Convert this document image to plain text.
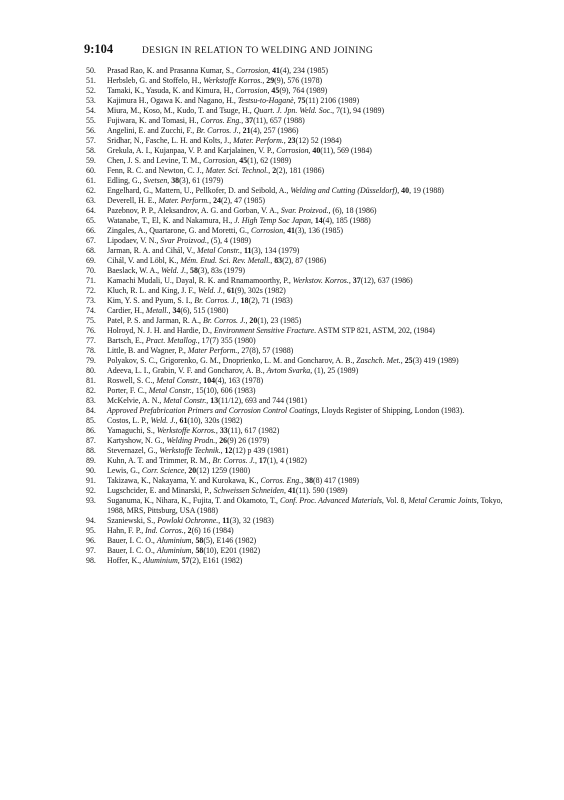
9:104	DESIGN IN RELATION TO WELDING AND JOINING
50. Prasad Rao, K. and Prasanna Kumar, S., Corrosion, 41(4), 234 (1985)
51. Herbsleb, G. and Stoffelo, H., Werkstoffe Korros., 29(9), 576 (1978)
52. Tamaki, K., Yasuda, K. and Kimura, H., Corrosion, 45(9), 764 (1989)
53. Kajimura H., Ogawa K. and Nagano, H., Testsu-to-Haganè, 75(11) 2106 (1989)
54. Miura, M., Koso, M., Kudo, T. and Tsuge, H., Quart. J. Jpn. Weld. Soc., 7(1), 94 (1989)
55. Fujiwara, K. and Tomasi, H., Corros. Eng., 37(11), 657 (1988)
56. Angelini, E. and Zucchi, F., Br. Corros. J., 21(4), 257 (1986)
57. Sridhar, N., Fasche, L. H. and Kolts, J., Mater. Perform., 23(12) 52 (1984)
58. Grekula, A. I., Kujanpaa, V. P. and Karjalainen, V. P., Corrosion, 40(11), 569 (1984)
59. Chen, J. S. and Levine, T. M., Corrosion, 45(1), 62 (1989)
60. Fenn, R. C. and Newton, C. J., Mater. Sci. Technol., 2(2), 181 (1986)
61. Edling, G., Svetsen, 38(3), 61 (1979)
62. Engelhard, G., Mattern, U., Pellkofer, D. and Seibold, A., Welding and Cutting (Düsseldorf), 40, 19 (1988)
63. Deverell, H. E., Mater. Perform., 24(2), 47 (1985)
64. Pazebnov, P. P., Aleksandrov, A. G. and Gorban, V. A., Svar. Proizvod., (6), 18 (1986)
65. Watanabe, T., El, K. and Nakamura, H., J. High Temp Soc Japan, 14(4), 185 (1988)
66. Zingales, A., Quartarone, G. and Moretti, G., Corrosion, 41(3), 136 (1985)
67. Lipodaev, V. N., Svar Proizvod., (5), 4 (1989)
68. Jarman, R. A. and Cihál, V., Metal Constr., 11(3), 134 (1979)
69. Cihál, V. and Löbl, K., Mém. Etud. Sci. Rev. Metall., 83(2), 87 (1986)
70. Baeslack, W. A., Weld. J., 58(3), 83s (1979)
71. Kamachi Mudali, U., Dayal, R. K. and Rnamamoorthy, P., Werkstov. Korros., 37(12), 637 (1986)
72. Kluch, R. L. and King, J. F., Weld. J., 61(9), 302s (1982)
73. Kim, Y. S. and Pyum, S. I., Br. Corros. J., 18(2), 71 (1983)
74. Cardier, H., Metall., 34(6), 515 (1980)
75. Patel, P. S. and Jarman, R. A., Br. Corros. J., 20(1), 23 (1985)
76. Holroyd, N. J. H. and Hardie, D., Environment Sensitive Fracture. ASTM STP 821, ASTM, 202, (1984)
77. Bartsch, E., Pract. Metallog., 17(7) 355 (1980)
78. Little, B. and Wagner, P., Mater Perform., 27(8), 57 (1988)
79. Polyakov, S. C., Grigorenko, G. M., Dnoprienko, L. M. and Goncharov, A. B., Zaschch. Met., 25(3) 419 (1989)
80. Adeeva, L. I., Grabin, V. F. and Goncharov, A. B., Avtom Svarka, (1), 25 (1989)
81. Roswell, S. C., Metal Constr., 104(4), 163 (1978)
82. Porter, F. C., Metal Constr., 15(10), 606 (1983)
83. McKelvie, A. N., Metal Constr., 13(11/12), 693 and 744 (1981)
84. Approved Prefabrication Primers and Corrosion Control Coatings, Lloyds Register of Shipping, London (1983).
85. Costos, L. P., Weld. J., 61(10), 320s (1982)
86. Yamaguchi, S., Werkstoffe Korros., 33(11), 617 (1982)
87. Kartyshow, N. G., Welding Prodn., 26(9) 26 (1979)
88. Stevernazel, G., Werkstoffe Technik., 12(12) p 439 (1981)
89. Kuhn, A. T. and Trimmer, R. M., Br. Corros. J., 17(1), 4 (1982)
90. Lewis, G., Corr. Science, 20(12) 1259 (1980)
91. Takizawa, K., Nakayama, Y. and Kurokawa, K., Corros. Eng., 38(8) 417 (1989)
92. Lugschcider, E. and Minarski, P., Schweissen Schneiden, 41(11). 590 (1989)
93. Suganuma, K., Nihara, K., Fujita, T. and Okamoto, T., Conf. Proc. Advanced Materials, Vol. 8, Metal Ceramic Joints, Tokyo, 1988, MRS, Pittsburg, USA (1988)
94. Szaniewski, S., Powloki Ochronne., 11(3), 32 (1983)
95. Hahn, F. P., Ind. Corros., 2(6) 16 (1984)
96. Bauer, I. C. O., Aluminium, 58(5), E146 (1982)
97. Bauer, I. C. O., Aluminium, 58(10), E201 (1982)
98. Hoffer, K., Aluminium, 57(2), E161 (1982)
